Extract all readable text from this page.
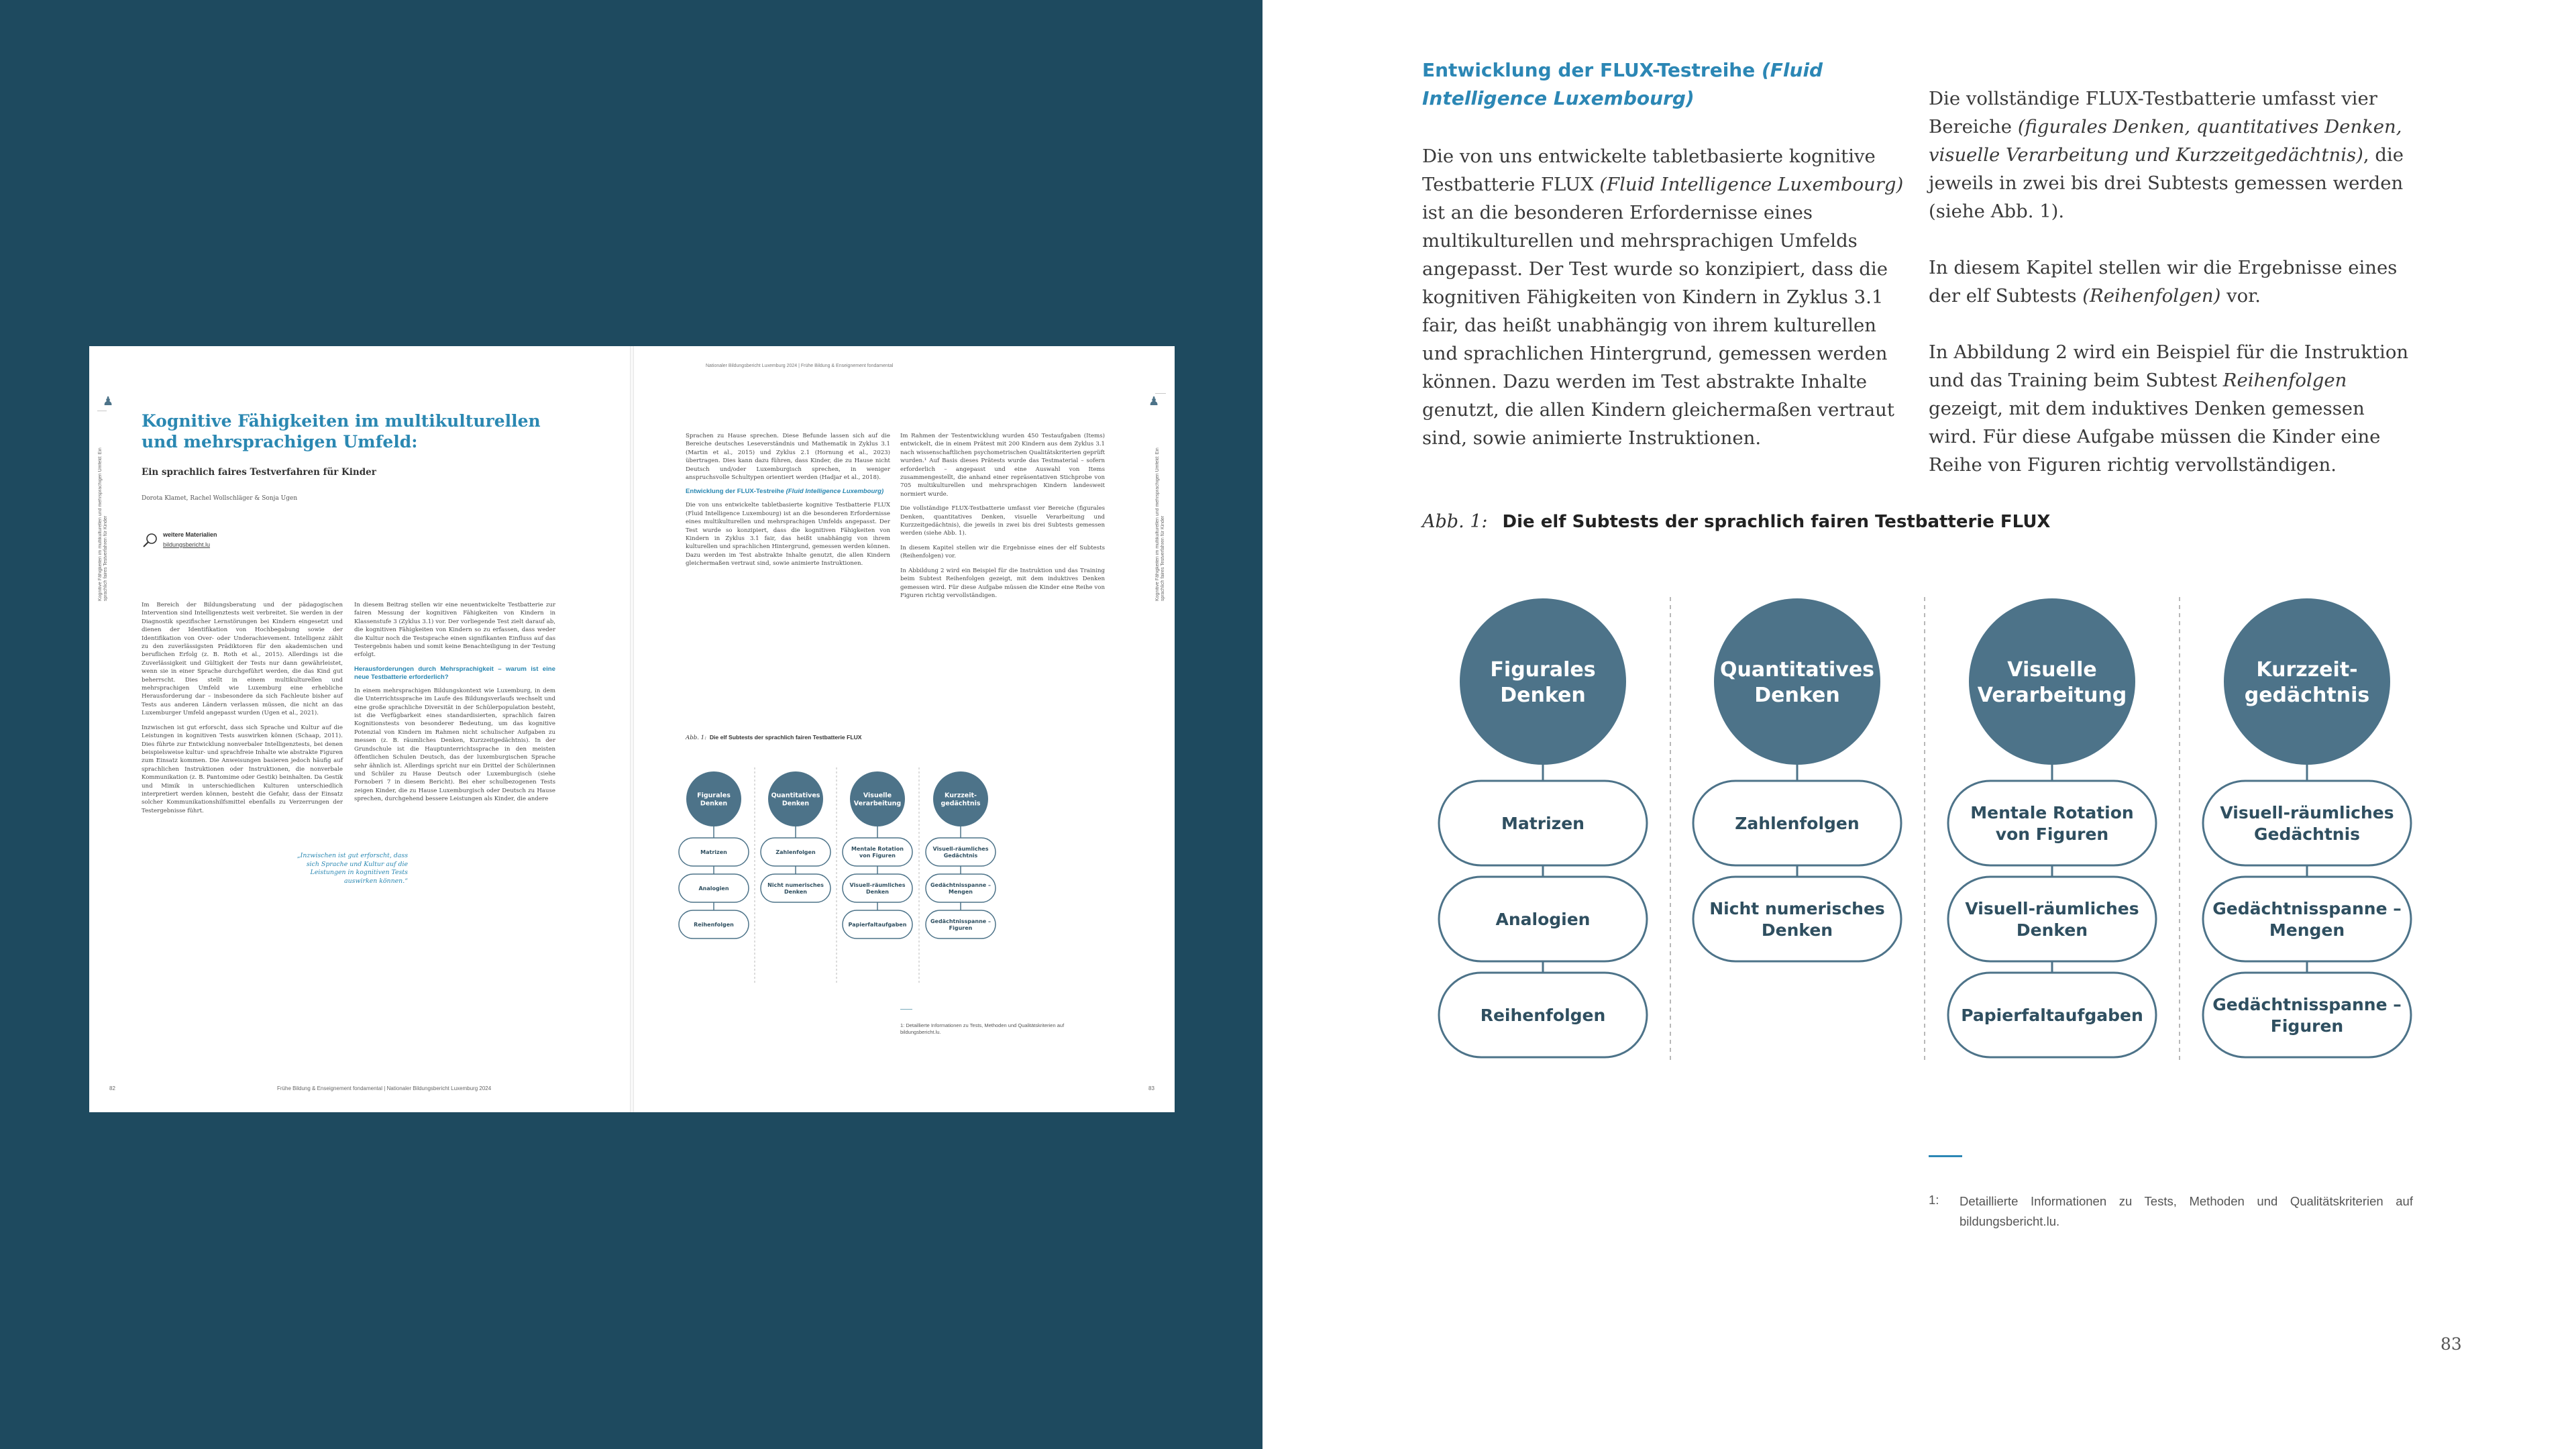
Kognitive Fähigkeiten im multikulturellen und mehrsprachigen Umfeld: Ein sprachlich faires Testverfahren für Kinder
♟
Kognitive Fähigkeiten im multikulturellen und mehrsprachigen Umfeld:
Ein sprachlich faires Testverfahren für Kinder
Dorota Klamet, Rachel Wollschläger & Sonja Ugen
weitere Materialien
bildungsbericht.lu

Im Bereich der Bildungsberatung und der pädagogischen Intervention sind Intelligenztests weit verbreitet. Sie werden in der Diagnostik spezifischer Lernstörungen bei Kindern eingesetzt und dienen der Identifikation von Hochbegabung sowie der Identifikation von Over- oder Underachievement. Intelligenz zählt zu den zuverlässigsten Prädiktoren für den akademischen und beruflichen Erfolg (z. B. Roth et al., 2015). Allerdings ist die Zuverlässigkeit und Gültigkeit der Tests nur dann gewährleistet, wenn sie in einer Sprache durchgeführt werden, die das Kind gut beherrscht. Dies stellt in einem multikulturellen und mehrsprachigen Umfeld wie Luxemburg eine erhebliche Herausforderung dar – insbesondere da sich Fachleute bisher auf Tests aus anderen Ländern verlassen müssen, die nicht an das Luxemburger Umfeld angepasst wurden (Ugen et al., 2021).

Inzwischen ist gut erforscht, dass sich Sprache und Kultur auf die Leistungen in kognitiven Tests auswirken können (Schaap, 2011). Dies führte zur Entwicklung nonverbaler Intelligenztests, bei denen beispielsweise kultur- und sprachfreie Inhalte wie abstrakte Figuren zum Einsatz kommen. Die Anweisungen basieren jedoch häufig auf sprachlichen Instruktionen oder Instruktionen, die nonverbale Kommunikation (z. B. Pantomime oder Gestik) beinhalten. Da Gestik und Mimik in unterschiedlichen Kulturen unterschiedlich interpretiert werden können, besteht die Gefahr, dass der Einsatz solcher Kommunikationshilfsmittel ebenfalls zu Verzerrungen der Testergebnisse führt.

„Inzwischen ist gut erforscht, dass sich Sprache und Kultur auf die Leistungen in kognitiven Tests auswirken können.“

In diesem Beitrag stellen wir eine neuentwickelte Testbatterie zur fairen Messung der kognitiven Fähigkeiten von Kindern in Klassenstufe 3 (Zyklus 3.1) vor. Der vorliegende Test zielt darauf ab, die kognitiven Fähigkeiten von Kindern so zu erfassen, dass weder die Kultur noch die Testsprache einen signifikanten Einfluss auf das Testergebnis haben und somit keine Benachteiligung in der Testung erfolgt.

Herausforderungen durch Mehrsprachigkeit – warum ist eine neue Testbatterie erforderlich?

In einem mehrsprachigen Bildungskontext wie Luxemburg, in dem die Unterrichtssprache im Laufe des Bildungsverlaufs wechselt und eine große sprachliche Diversität in der Schülerpopulation besteht, ist die Verfügbarkeit eines standardisierten, sprachlich fairen Kognitionstests von besonderer Bedeutung, um das kognitive Potenzial von Kindern im Rahmen nicht schulischer Aufgaben zu messen (z. B. räumliches Denken, Kurzzeitgedächtnis). In der Grundschule ist die Hauptunterrichtssprache in den meisten öffentlichen Schulen Deutsch, das der luxemburgischen Sprache sehr ähnlich ist. Allerdings spricht nur ein Drittel der Schülerinnen und Schüler zu Hause Deutsch oder Luxemburgisch (siehe Fornoberi 7 in diesem Bericht). Bei eher schulbezogenen Tests zeigen Kinder, die zu Hause Luxemburgisch oder Deutsch zu Hause sprechen, durchgehend bessere Leistungen als Kinder, die andere

82	Frühe Bildung & Enseignement fondamental | Nationaler Bildungsbericht Luxemburg 2024
Nationaler Bildungsbericht Luxemburg 2024 | Frühe Bildung & Enseignement fondamental
♟
Kognitive Fähigkeiten im multikulturellen und mehrsprachigen Umfeld: Ein sprachlich faires Testverfahren für Kinder

Sprachen zu Hause sprechen. Diese Befunde lassen sich auf die Bereiche deutsches Leseverständnis und Mathematik in Zyklus 3.1 (Martin et al., 2015) und Zyklus 2.1 (Hornung et al., 2023) übertragen. Dies kann dazu führen, dass Kinder, die zu Hause nicht Deutsch und/oder Luxemburgisch sprechen, in weniger anspruchsvolle Schultypen orientiert werden (Hadjar et al., 2018).

Entwicklung der FLUX-Testreihe (Fluid Intelligence Luxembourg)

Die von uns entwickelte tabletbasierte kognitive Testbatterie FLUX (Fluid Intelligence Luxembourg) ist an die besonderen Erfordernisse eines multikulturellen und mehrsprachigen Umfelds angepasst. Der Test wurde so konzipiert, dass die kognitiven Fähigkeiten von Kindern in Zyklus 3.1 fair, das heißt unabhängig von ihrem kulturellen und sprachlichen Hintergrund, gemessen werden können. Dazu werden im Test abstrakte Inhalte genutzt, die allen Kindern gleichermaßen vertraut sind, sowie animierte Instruktionen.

Im Rahmen der Testentwicklung wurden 450 Testaufgaben (Items) entwickelt, die in einem Prätest mit 200 Kindern aus dem Zyklus 3.1 nach wissenschaftlichen psychometrischen Qualitätskriterien geprüft wurden.¹ Auf Basis dieses Prätests wurde das Testmaterial – sofern erforderlich – angepasst und eine Auswahl von Items zusammengestellt, die anhand einer repräsentativen Stichprobe von 705 multikulturellen und mehrsprachigen Kindern landesweit normiert wurde.

Die vollständige FLUX-Testbatterie umfasst vier Bereiche (figurales Denken, quantitatives Denken, visuelle Verarbeitung und Kurzzeitgedächtnis), die jeweils in zwei bis drei Subtests gemessen werden (siehe Abb. 1).

In diesem Kapitel stellen wir die Ergebnisse eines der elf Subtests (Reihenfolgen) vor.

In Abbildung 2 wird ein Beispiel für die Instruktion und das Training beim Subtest Reihenfolgen gezeigt, mit dem induktives Denken gemessen wird. Für diese Aufgabe müssen die Kinder eine Reihe von Figuren richtig vervollständigen.

Abb. 1: Die elf Subtests der sprachlich fairen Testbatterie FLUX
Matrizen
Analogien
Reihenfolgen
Figurales Denken
Zahlenfolgen
Nicht numerisches Denken
Quantitatives Denken
Mentale Rotation von Figuren
Visuell-räumliches Denken
Papierfaltaufgaben
Visuelle Verarbeitung
Visuell-räumliches Gedächtnis
Gedächtnisspanne – Mengen
Gedächtnisspanne – Figuren
Kurzzeit-gedächtnis
1: Detaillierte Informationen zu Tests, Methoden und Qualitätskriterien auf bildungsbericht.lu.
83
Entwicklung der FLUX-Testreihe (Fluid Intelligence Luxembourg)

Die von uns entwickelte tabletbasierte kognitive Testbatterie FLUX (Fluid Intelligence Luxembourg) ist an die besonderen Erfordernisse eines multikulturellen und mehrsprachigen Umfelds angepasst. Der Test wurde so konzipiert, dass die kognitiven Fähigkeiten von Kindern in Zyklus 3.1 fair, das heißt unabhängig von ihrem kulturellen und sprachlichen Hintergrund, gemessen werden können. Dazu werden im Test abstrakte Inhalte genutzt, die allen Kindern gleichermaßen vertraut sind, sowie animierte Instruktionen.

Die vollständige FLUX-Testbatterie umfasst vier Bereiche (figurales Denken, quantitatives Denken, visuelle Verarbeitung und Kurzzeitgedächtnis), die jeweils in zwei bis drei Subtests gemessen werden (siehe Abb. 1).

In diesem Kapitel stellen wir die Ergebnisse eines der elf Subtests (Reihenfolgen) vor.

In Abbildung 2 wird ein Beispiel für die Instruktion und das Training beim Subtest Reihenfolgen gezeigt, mit dem induktives Denken gemessen wird. Für diese Aufgabe müssen die Kinder eine Reihe von Figuren richtig vervollständigen.

Abb. 1: Die elf Subtests der sprachlich fairen Testbatterie FLUX
Matrizen
Analogien
Reihenfolgen
Figurales Denken
Zahlenfolgen
Nicht numerisches Denken
Quantitatives Denken
Mentale Rotation von Figuren
Visuell-räumliches Denken
Papierfaltaufgaben
Visuelle Verarbeitung
Visuell-räumliches Gedächtnis
Gedächtnisspanne – Mengen
Gedächtnisspanne – Figuren
Kurzzeit-gedächtnis
1: Detaillierte Informationen zu Tests, Methoden und Qualitätskriterien auf bildungsbericht.lu.
83
